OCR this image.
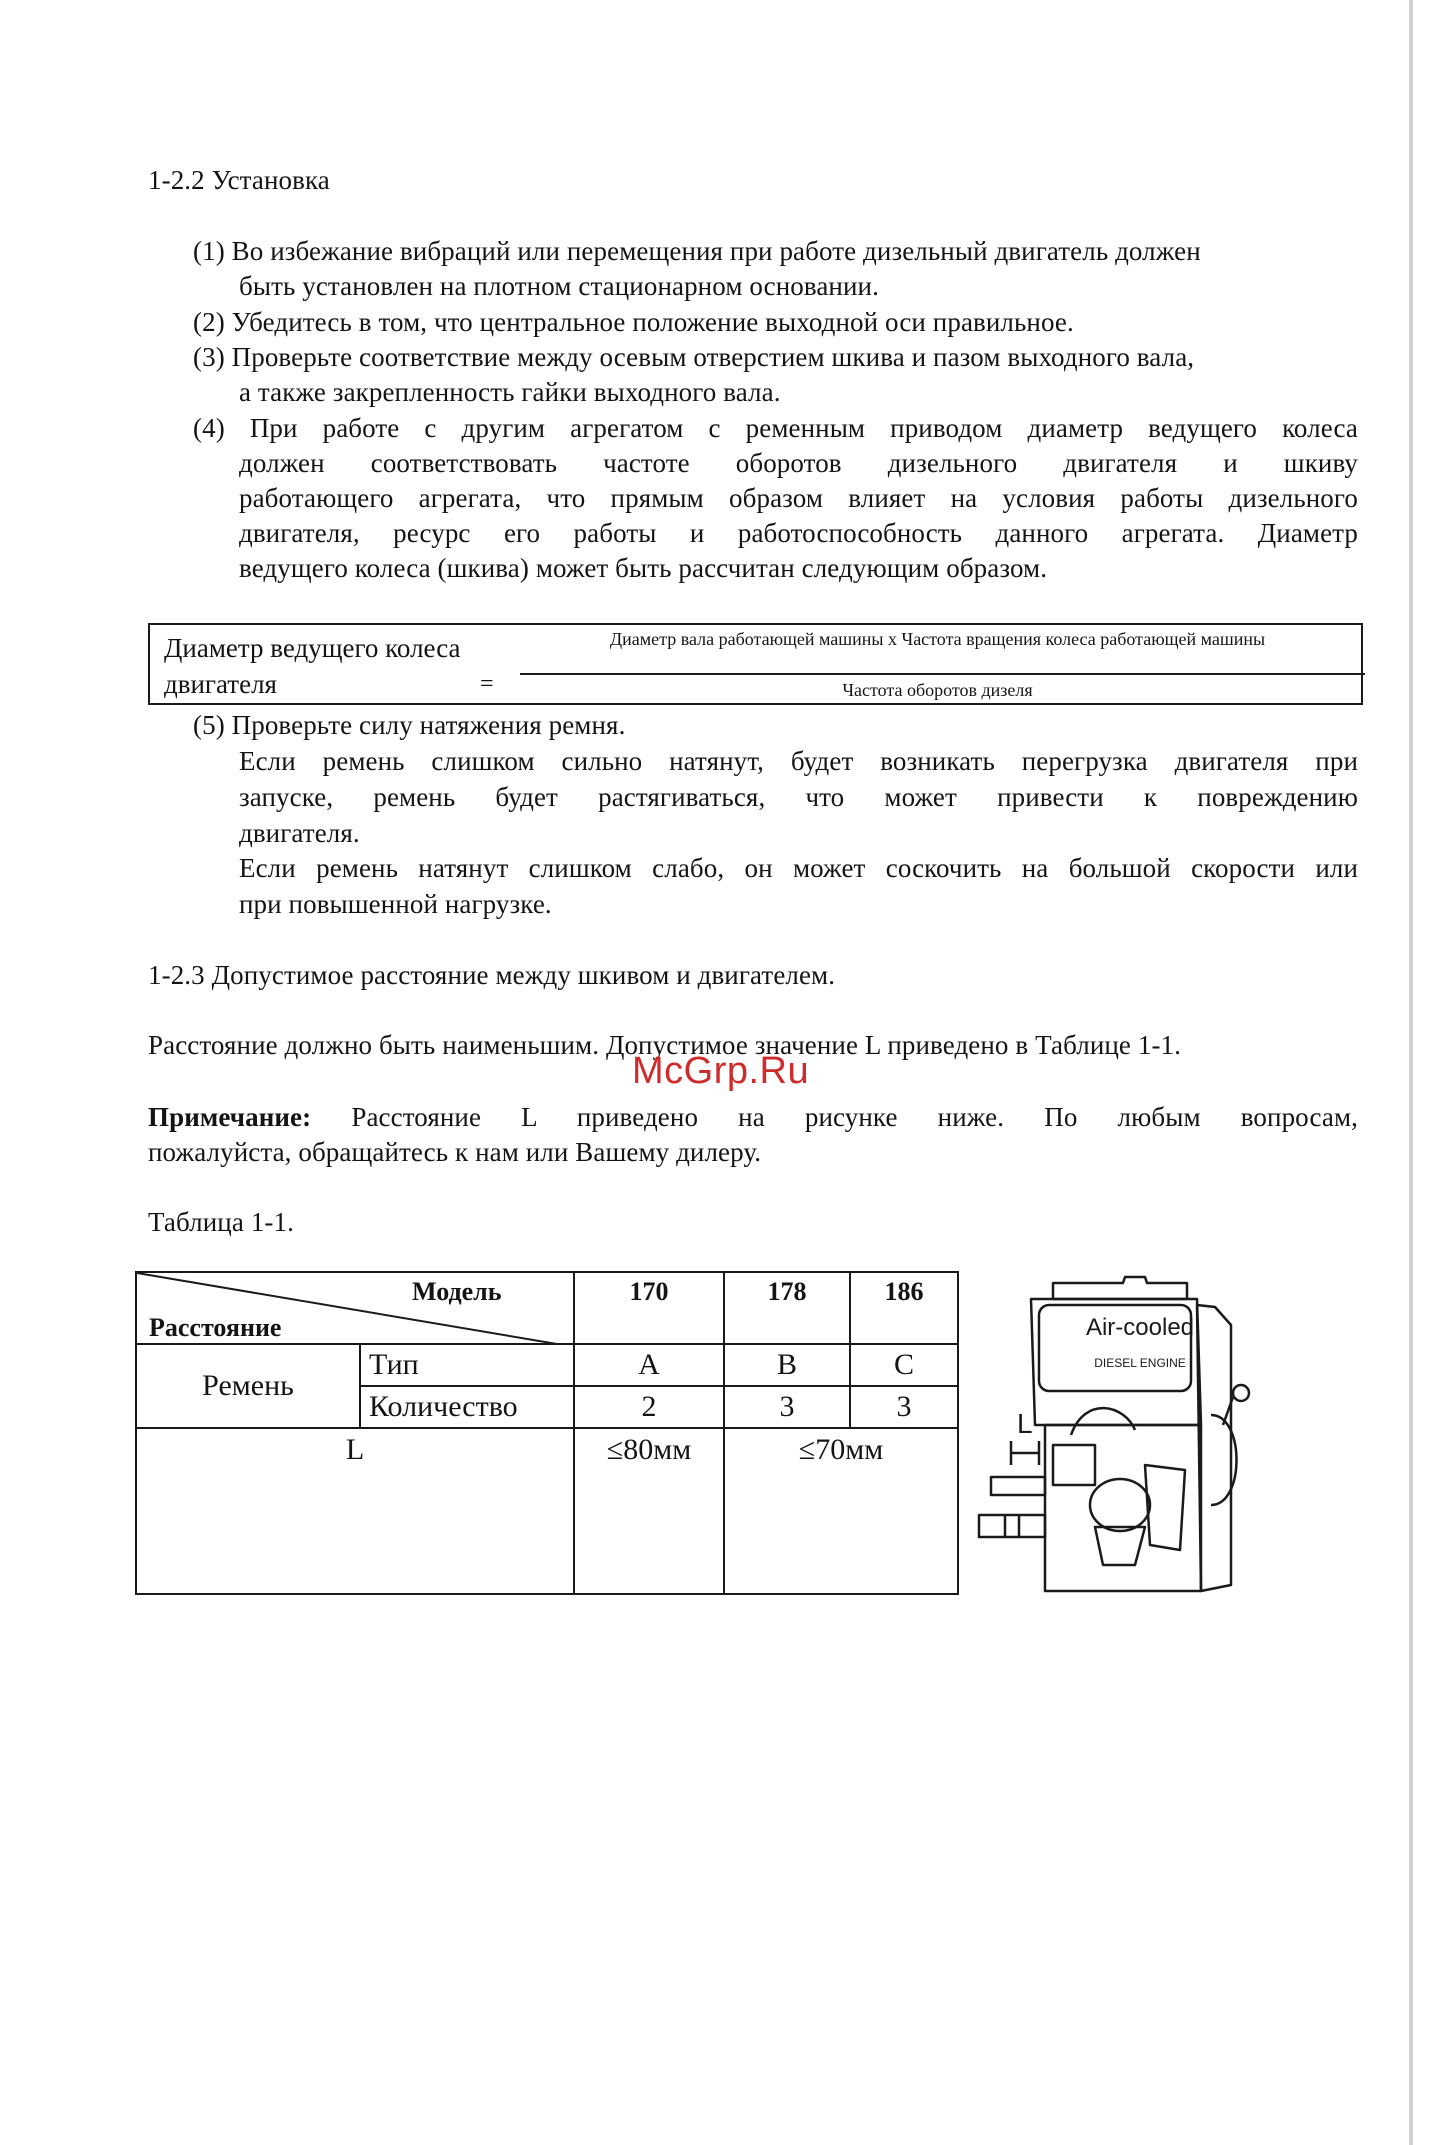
1-2.2 Установка
(1) Во избежание вибраций или перемещения при работе дизельный двигатель должен
быть установлен на плотном стационарном основании.
(2) Убедитесь в том, что центральное положение выходной оси правильное.
(3) Проверьте соответствие между осевым отверстием шкива и пазом выходного вала,
а также закрепленность гайки выходного вала.
(4) При работе с другим агрегатом с ременным приводом диаметр ведущего колеса
должен соответствовать частоте оборотов дизельного двигателя и шкиву
работающего агрегата, что прямым образом влияет на условия работы дизельного
двигателя, ресурс его работы и работоспособность данного агрегата. Диаметр
ведущего колеса (шкива) может быть рассчитан следующим образом.
Диаметр ведущего колеса
двигателя	=
Диаметр вала работающей машины х Частота вращения колеса работающей машины
Частота оборотов дизеля
(5) Проверьте силу натяжения ремня.
Если ремень слишком сильно натянут, будет возникать перегрузка двигателя при
запуске, ремень будет растягиваться, что может привести к повреждению
двигателя.
Если ремень натянут слишком слабо, он может соскочить на большой скорости или
при повышенной нагрузке.
1-2.3 Допустимое расстояние между шкивом и двигателем.
Расстояние должно быть наименьшим. Допустимое значение L приведено в Таблице 1-1.
McGrp.Ru
Примечание: Расстояние L приведено на рисунке ниже. По любым вопросам,
пожалуйста, обращайтесь к нам или Вашему дилеру.
Таблица 1-1.
Модель
Расстояние		170	178	186
Ремень	Тип	A	B	C
	Количество	2	3	3
L		≤80мм	≤70мм	
Air-cooled
DIESEL ENGINE
L
